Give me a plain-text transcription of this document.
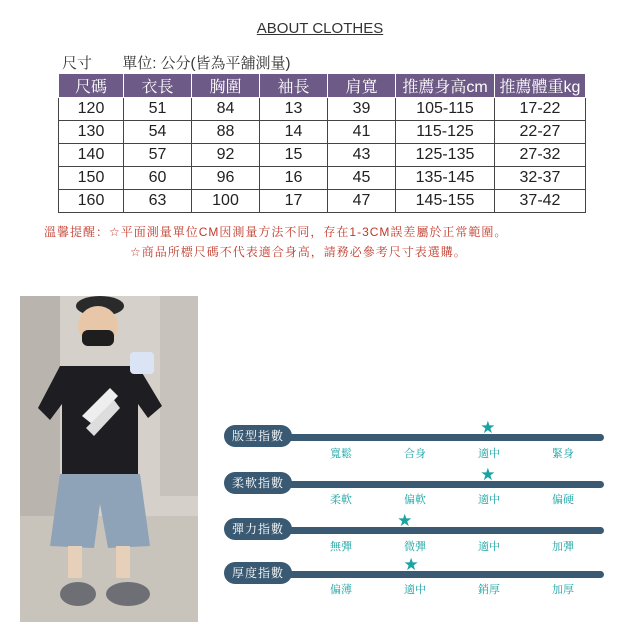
ABOUT CLOTHES
尺寸 單位: 公分(皆為平舖測量)
尺碼	衣長	胸圍	袖長	肩寬	推薦身高cm	推薦體重kg
120	51	84	13	39	105-115	17-22
130	54	88	14	41	115-125	22-27
140	57	92	15	43	125-135	27-32
150	60	96	16	45	135-145	32-37
160	63	100	17	47	145-155	37-42
溫馨提醒：☆平面測量單位CM因測量方法不同，存在1-3CM誤差屬於正常範圍。
☆商品所標尺碼不代表適合身高，請務必參考尺寸表選購。
版型指數	★
寬鬆	合身	適中	緊身
柔軟指數	★
柔軟	偏軟	適中	偏硬
彈力指數	★
無彈	微彈	適中	加彈
厚度指數	★
偏薄	適中	銷厚	加厚
